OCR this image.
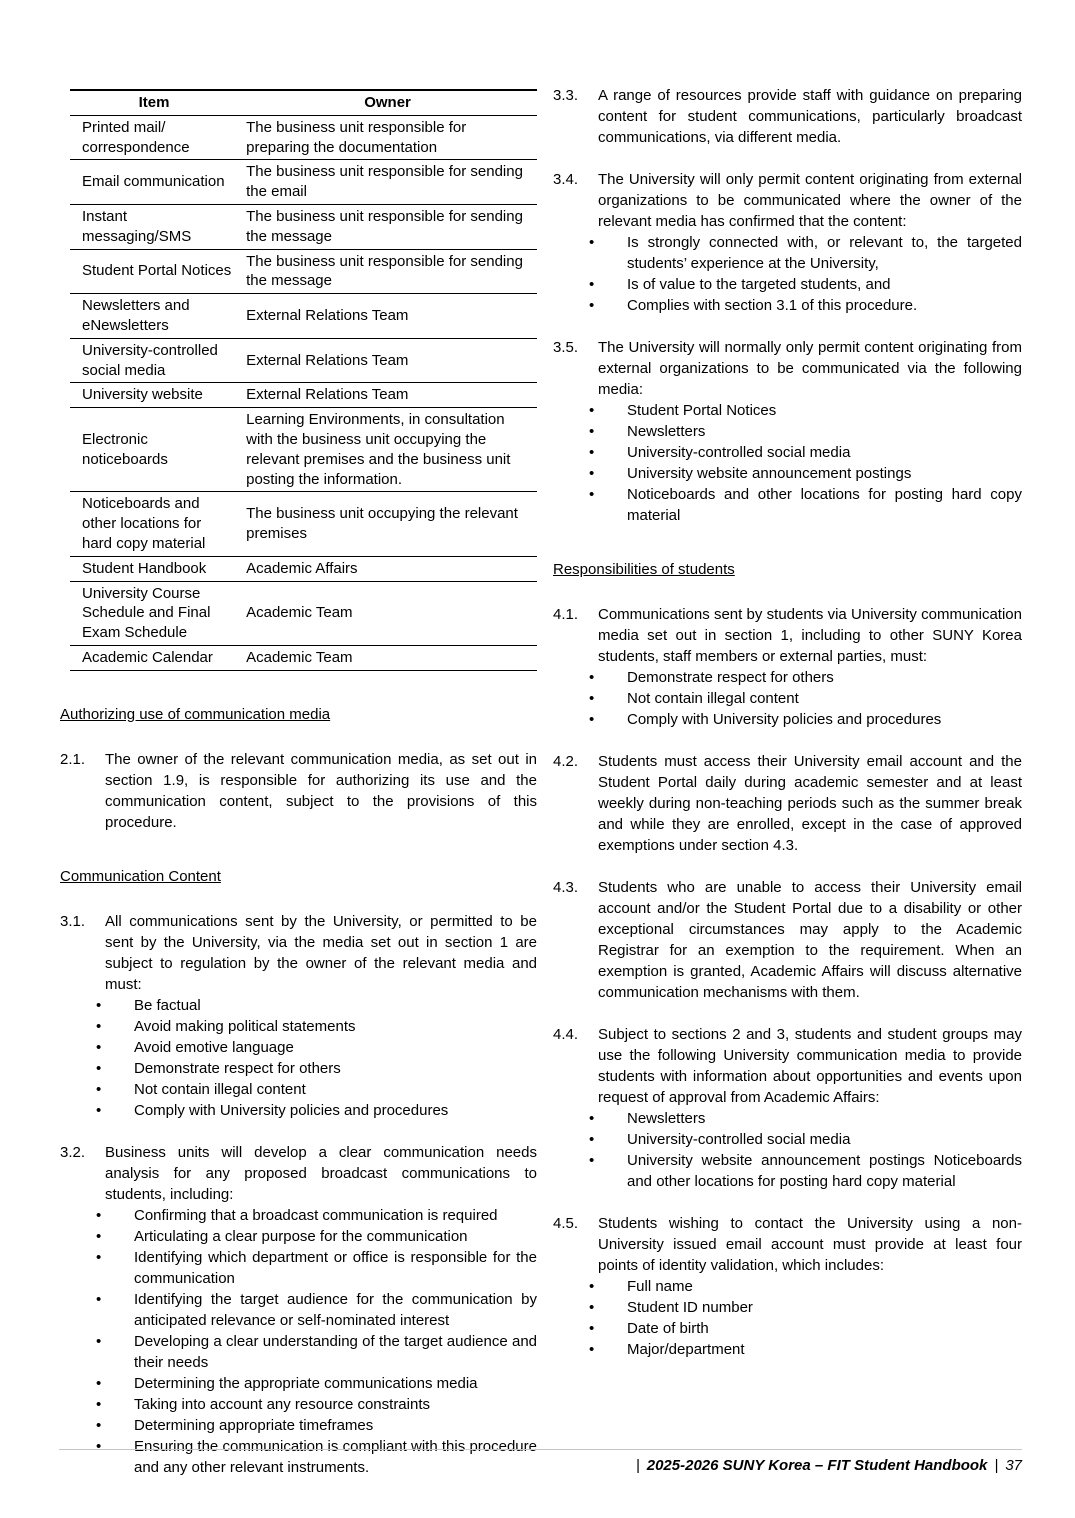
Item	Owner
Printed mail/ correspondence	The business unit responsible for preparing the documentation
Email communication	The business unit responsible for sending the email
Instant messaging/SMS	The business unit responsible for sending the message
Student Portal Notices	The business unit responsible for sending the message
Newsletters and eNewsletters	External Relations Team
University-controlled social media	External Relations Team
University website	External Relations Team
Electronic noticeboards	Learning Environments, in consultation with the business unit occupying the relevant premises and the business unit posting the information.
Noticeboards and other locations for hard copy material	The business unit occupying the relevant premises
Student Handbook	Academic Affairs
University Course Schedule and Final Exam Schedule	Academic Team
Academic Calendar	Academic Team
Authorizing use of communication media
2.1. The owner of the relevant communication media, as set out in section 1.9, is responsible for authorizing its use and the communication content, subject to the provisions of this procedure.
Communication Content
3.1. All communications sent by the University, or permitted to be sent by the University, via the media set out in section 1 are subject to regulation by the owner of the relevant media and must:
• Be factual
• Avoid making political statements
• Avoid emotive language
• Demonstrate respect for others
• Not contain illegal content
• Comply with University policies and procedures
3.2. Business units will develop a clear communication needs analysis for any proposed broadcast communications to students, including:
• Confirming that a broadcast communication is required
• Articulating a clear purpose for the communication
• Identifying which department or office is responsible for the communication
• Identifying the target audience for the communication by anticipated relevance or self-nominated interest
• Developing a clear understanding of the target audience and their needs
• Determining the appropriate communications media
• Taking into account any resource constraints
• Determining appropriate timeframes
• Ensuring the communication is compliant with this procedure and any other relevant instruments.
3.3. A range of resources provide staff with guidance on preparing content for student communications, particularly broadcast communications, via different media.
3.4. The University will only permit content originating from external organizations to be communicated where the owner of the relevant media has confirmed that the content:
• Is strongly connected with, or relevant to, the targeted students’ experience at the University,
• Is of value to the targeted students, and
• Complies with section 3.1 of this procedure.
3.5. The University will normally only permit content originating from external organizations to be communicated via the following media:
• Student Portal Notices
• Newsletters
• University-controlled social media
• University website announcement postings
• Noticeboards and other locations for posting hard copy material
Responsibilities of students
4.1. Communications sent by students via University communication media set out in section 1, including to other SUNY Korea students, staff members or external parties, must:
• Demonstrate respect for others
• Not contain illegal content
• Comply with University policies and procedures
4.2. Students must access their University email account and the Student Portal daily during academic semester and at least weekly during non-teaching periods such as the summer break and while they are enrolled, except in the case of approved exemptions under section 4.3.
4.3. Students who are unable to access their University email account and/or the Student Portal due to a disability or other exceptional circumstances may apply to the Academic Registrar for an exemption to the requirement. When an exemption is granted, Academic Affairs will discuss alternative communication mechanisms with them.
4.4. Subject to sections 2 and 3, students and student groups may use the following University communication media to provide students with information about opportunities and events upon request of approval from Academic Affairs:
• Newsletters
• University-controlled social media
• University website announcement postings Noticeboards and other locations for posting hard copy material
4.5. Students wishing to contact the University using a non-University issued email account must provide at least four points of identity validation, which includes:
• Full name
• Student ID number
• Date of birth
• Major/department
| 2025-2026 SUNY Korea – FIT Student Handbook | 37
